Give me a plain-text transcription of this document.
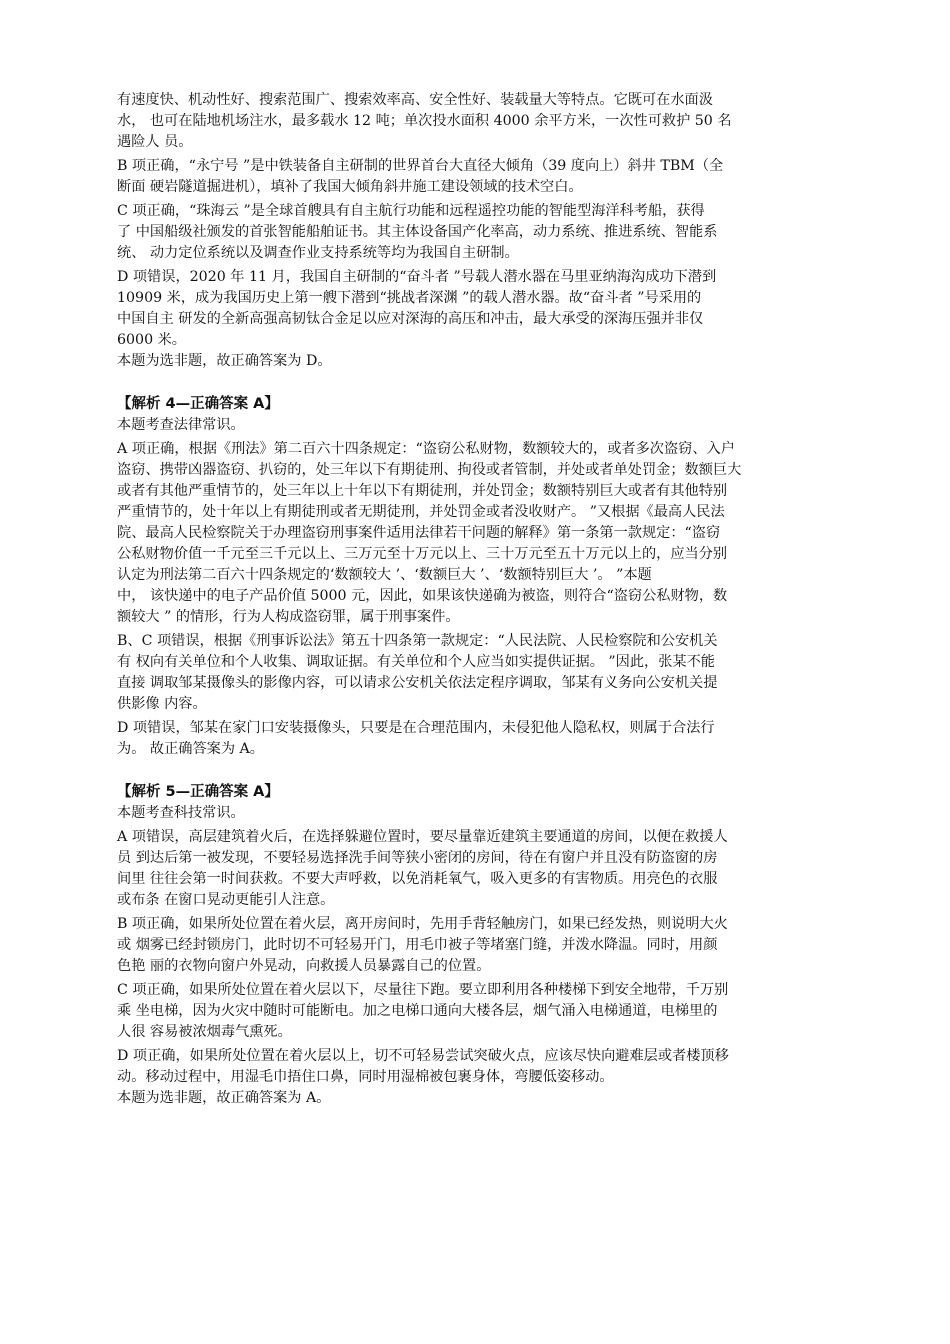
有速度快、机动性好、搜索范围广、搜索效率高、安全性好、装载量大等特点。它既可在水面汲
水， 也可在陆地机场注水，最多载水 12 吨；单次投水面积 4000 余平方米，一次性可救护 50 名
遇险人 员。
B 项正确，“永宁号 ”是中铁装备自主研制的世界首台大直径大倾角（39 度向上）斜井 TBM（全
断面 硬岩隧道掘进机），填补了我国大倾角斜井施工建设领域的技术空白。
C 项正确，“珠海云 ”是全球首艘具有自主航行功能和远程遥控功能的智能型海洋科考船，获得
了 中国船级社颁发的首张智能船舶证书。其主体设备国产化率高，动力系统、推进系统、智能系
统、 动力定位系统以及调查作业支持系统等均为我国自主研制。
D 项错误，2020 年 11 月，我国自主研制的“奋斗者 ”号载人潜水器在马里亚纳海沟成功下潜到
10909 米，成为我国历史上第一艘下潜到“挑战者深渊 ”的载人潜水器。故“奋斗者 ”号采用的
中国自主 研发的全新高强高韧钛合金足以应对深海的高压和冲击，最大承受的深海压强并非仅
6000 米。
本题为选非题，故正确答案为 D。
【解析 4—正确答案 A】
本题考查法律常识。
A 项正确，根据《刑法》第二百六十四条规定：“盗窃公私财物，数额较大的，或者多次盗窃、入户
盗窃、携带凶器盗窃、扒窃的，处三年以下有期徒刑、拘役或者管制，并处或者单处罚金；数额巨大
或者有其他严重情节的，处三年以上十年以下有期徒刑，并处罚金；数额特别巨大或者有其他特别
严重情节的，处十年以上有期徒刑或者无期徒刑，并处罚金或者没收财产。 ”又根据《最高人民法
院、最高人民检察院关于办理盗窃刑事案件适用法律若干问题的解释》第一条第一款规定：“盗窃
公私财物价值一千元至三千元以上、三万元至十万元以上、三十万元至五十万元以上的，应当分别
认定为刑法第二百六十四条规定的‘数额较大 ’、‘数额巨大 ’、‘数额特别巨大 ’。 ”本题
中， 该快递中的电子产品价值 5000 元，因此，如果该快递确为被盗，则符合“盗窃公私财物，数
额较大 ” 的情形，行为人构成盗窃罪，属于刑事案件。
B、C 项错误，根据《刑事诉讼法》第五十四条第一款规定：“人民法院、人民检察院和公安机关
有 权向有关单位和个人收集、调取证据。有关单位和个人应当如实提供证据。 ”因此，张某不能
直接 调取邹某摄像头的影像内容，可以请求公安机关依法定程序调取，邹某有义务向公安机关提
供影像 内容。
D 项错误，邹某在家门口安装摄像头，只要是在合理范围内，未侵犯他人隐私权，则属于合法行
为。 故正确答案为 A。
【解析 5—正确答案 A】
本题考查科技常识。
A 项错误，高层建筑着火后，在选择躲避位置时，要尽量靠近建筑主要通道的房间，以便在救援人
员 到达后第一被发现，不要轻易选择洗手间等狭小密闭的房间，待在有窗户并且没有防盗窗的房
间里 往往会第一时间获救。不要大声呼救，以免消耗氧气，吸入更多的有害物质。用亮色的衣服
或布条 在窗口晃动更能引人注意。
B 项正确，如果所处位置在着火层，离开房间时，先用手背轻触房门，如果已经发热，则说明大火
或 烟雾已经封锁房门，此时切不可轻易开门，用毛巾被子等堵塞门缝，并泼水降温。同时，用颜
色艳 丽的衣物向窗户外晃动，向救援人员暴露自己的位置。
C 项正确，如果所处位置在着火层以下，尽量往下跑。要立即利用各种楼梯下到安全地带，千万别
乘 坐电梯，因为火灾中随时可能断电。加之电梯口通向大楼各层，烟气涌入电梯通道，电梯里的
人很 容易被浓烟毒气熏死。
D 项正确，如果所处位置在着火层以上，切不可轻易尝试突破火点，应该尽快向避难层或者楼顶移
动。移动过程中，用湿毛巾捂住口鼻，同时用湿棉被包裹身体，弯腰低姿移动。
本题为选非题，故正确答案为 A。
